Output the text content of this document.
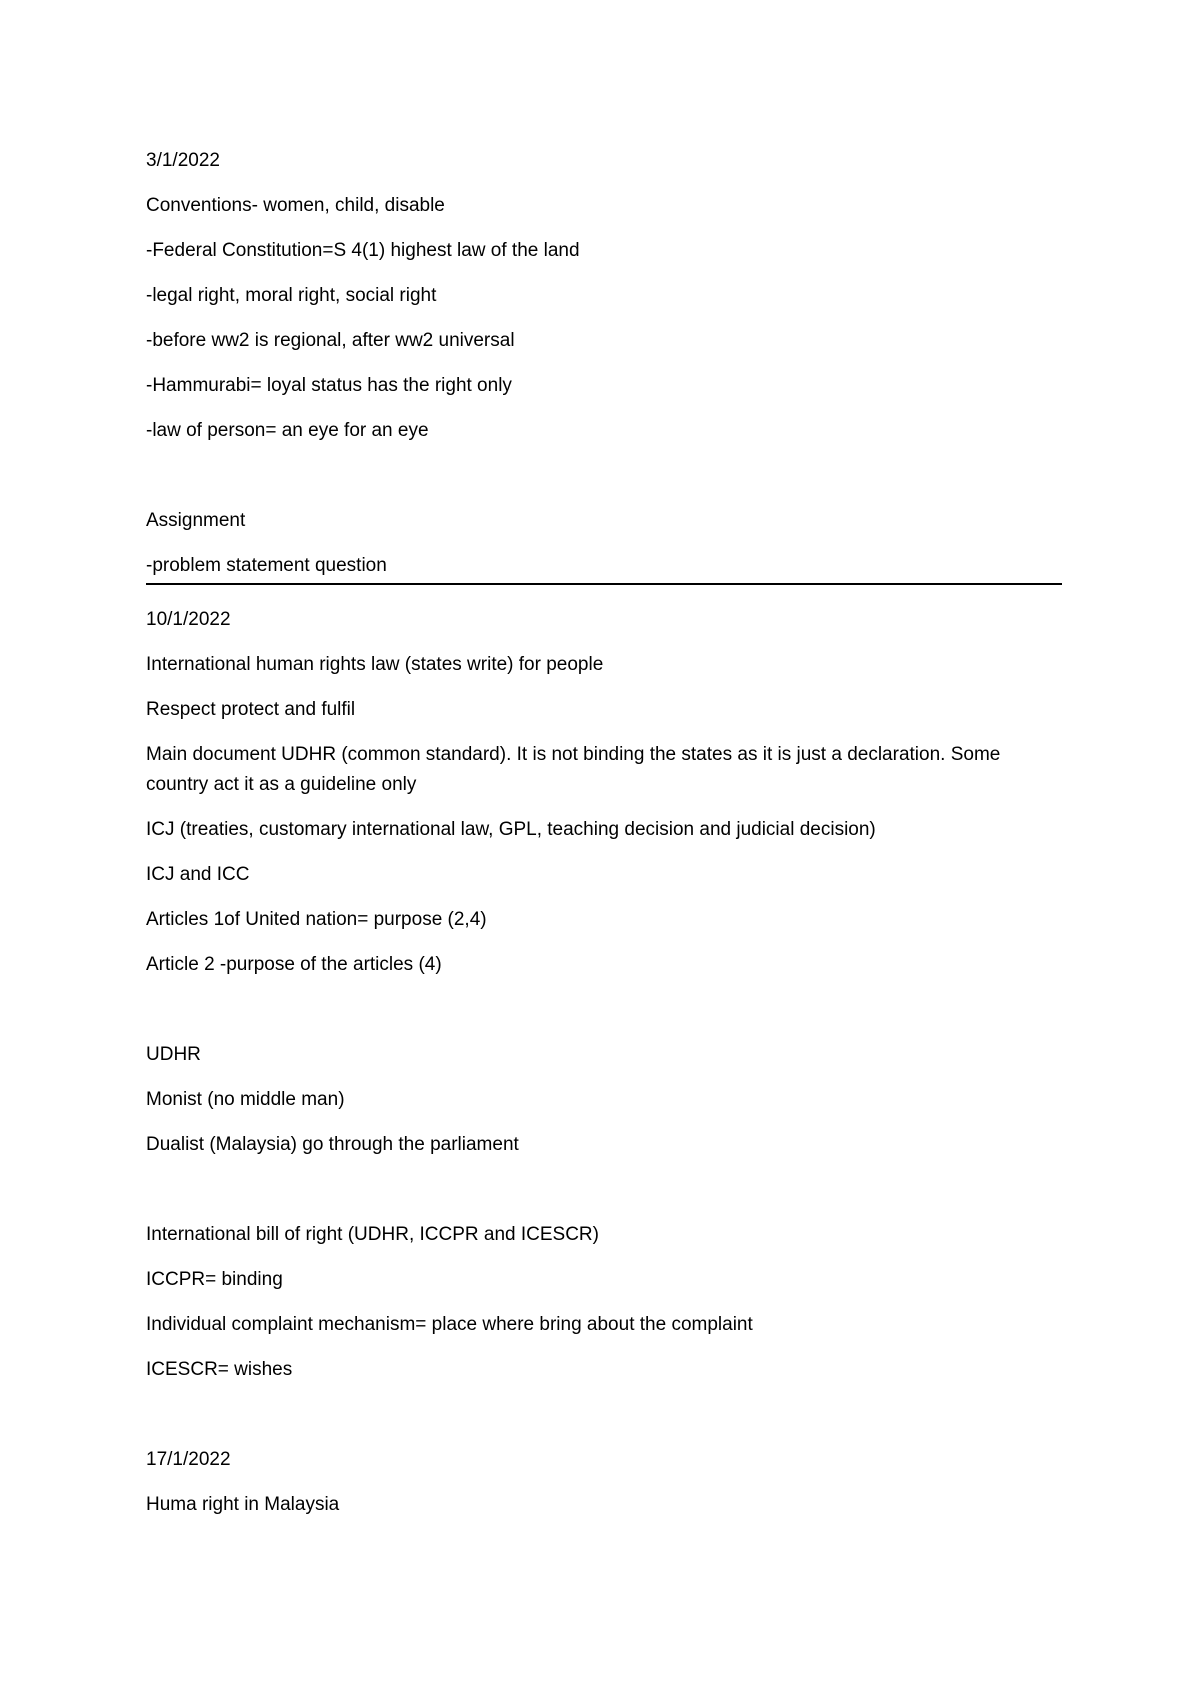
3/1/2022
Conventions- women, child, disable
-Federal Constitution=S 4(1) highest law of the land
-legal right, moral right, social right
-before ww2 is regional, after ww2 universal
-Hammurabi= loyal status has the right only
-law of person= an eye for an eye
Assignment
-problem statement question
10/1/2022
International human rights law (states write) for people
Respect protect and fulfil
Main document UDHR (common standard). It is not binding the states as it is just a declaration. Some country act it as a guideline only
ICJ (treaties, customary international law, GPL, teaching decision and judicial decision)
ICJ and ICC
Articles 1of United nation= purpose (2,4)
Article 2 -purpose of the articles (4)
UDHR
Monist (no middle man)
Dualist (Malaysia) go through the parliament
International bill of right (UDHR, ICCPR and ICESCR)
ICCPR= binding
Individual complaint mechanism= place where bring about the complaint
ICESCR= wishes
17/1/2022
Huma right in Malaysia
